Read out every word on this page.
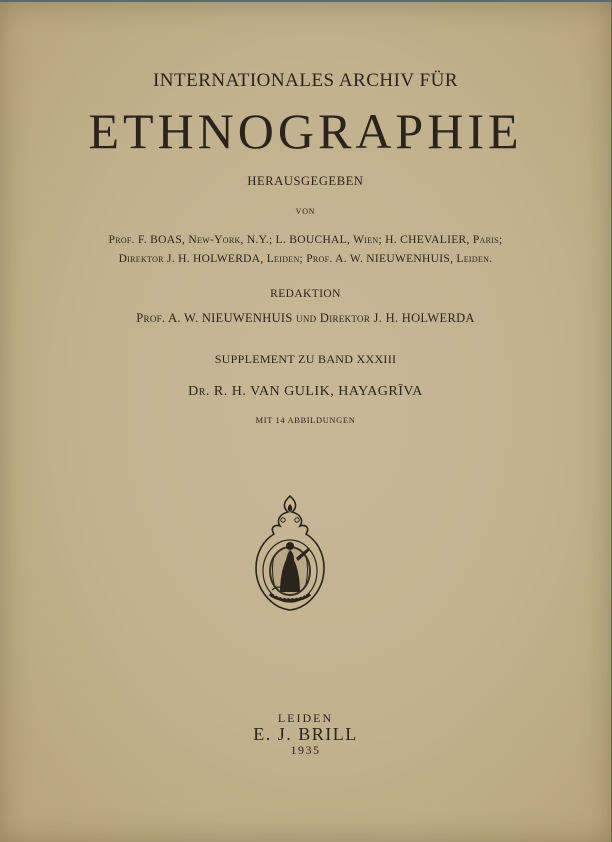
INTERNATIONALES ARCHIV FÜR
ETHNOGRAPHIE
HERAUSGEGEBEN
VON
Prof. F. BOAS, New-York, N.Y.; L. BOUCHAL, Wien; H. CHEVALIER, Paris;
Direktor J. H. HOLWERDA, Leiden; Prof. A. W. NIEUWENHUIS, Leiden.
REDAKTION
Prof. A. W. NIEUWENHUIS und Direktor J. H. HOLWERDA
SUPPLEMENT ZU BAND XXXIII
Dr. R. H. VAN GULIK, HAYAGRĪVA
MIT 14 ABBILDUNGEN
LEIDEN
E. J. BRILL
1935
